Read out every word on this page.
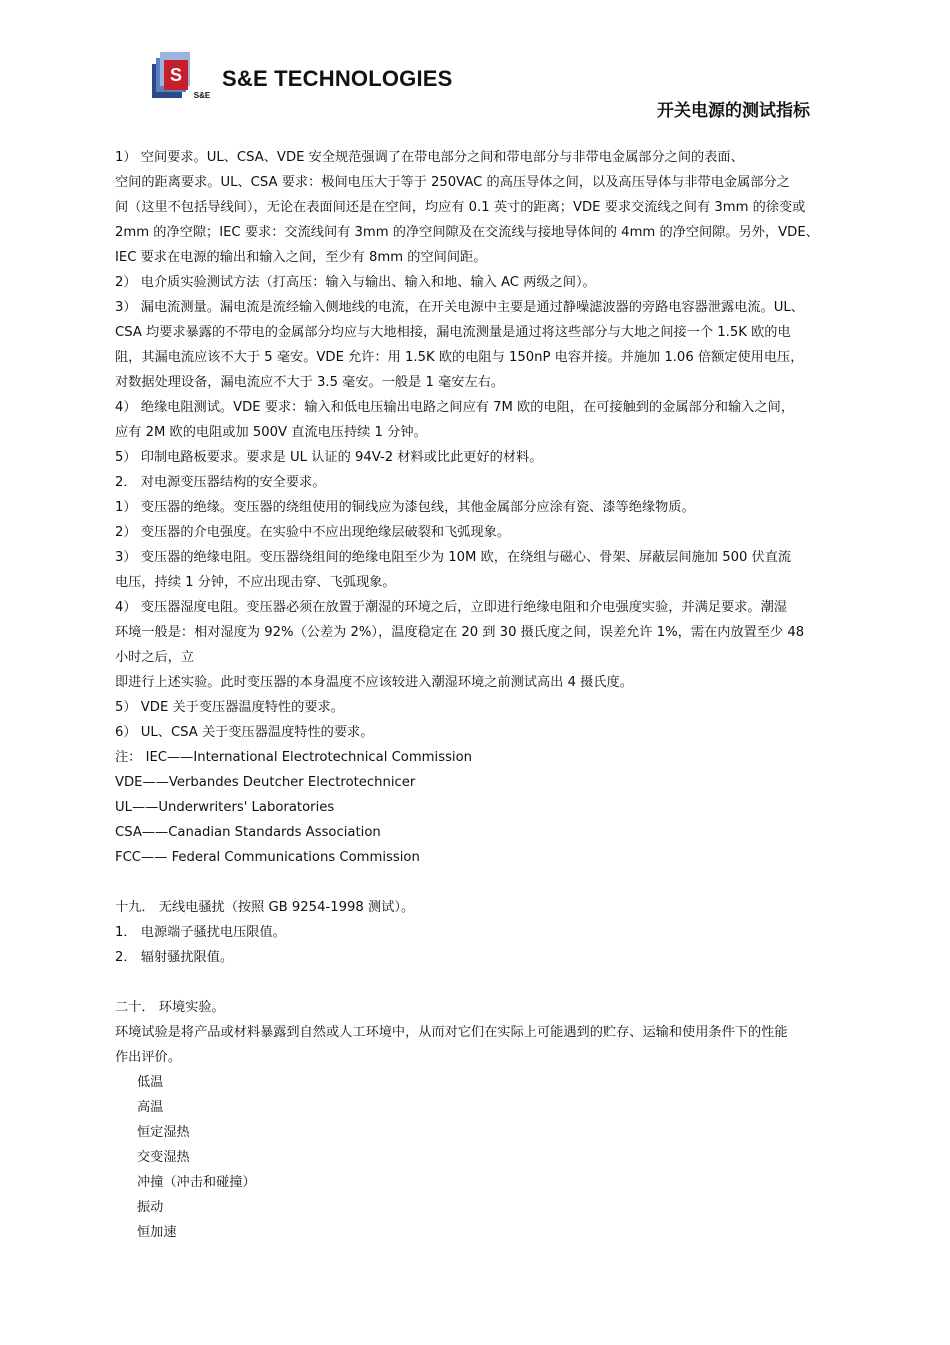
S
S&E
S&E TECHNOLOGIES
开关电源的测试指标

1） 空间要求。UL、CSA、VDE 安全规范强调了在带电部分之间和带电部分与非带电金属部分之间的表面、

空间的距离要求。UL、CSA 要求：极间电压大于等于 250VAC 的高压导体之间，以及高压导体与非带电金属部分之

间（这里不包括导线间），无论在表面间还是在空间，均应有 0.1 英寸的距离；VDE 要求交流线之间有 3mm 的徐变或

2mm 的净空隙；IEC 要求：交流线间有 3mm 的净空间隙及在交流线与接地导体间的 4mm 的净空间隙。另外，VDE、

IEC 要求在电源的输出和输入之间，至少有 8mm 的空间间距。

2） 电介质实验测试方法（打高压：输入与输出、输入和地、输入 AC 两级之间）。

3） 漏电流测量。漏电流是流经输入侧地线的电流，在开关电源中主要是通过静噪滤波器的旁路电容器泄露电流。UL、

CSA 均要求暴露的不带电的金属部分均应与大地相接，漏电流测量是通过将这些部分与大地之间接一个 1.5K 欧的电

阻，其漏电流应该不大于 5 毫安。VDE 允许：用 1.5K 欧的电阻与 150nP 电容并接。并施加 1.06 倍额定使用电压，

对数据处理设备，漏电流应不大于 3.5 毫安。一般是 1 毫安左右。

4） 绝缘电阻测试。VDE 要求：输入和低电压输出电路之间应有 7M 欧的电阻，在可接触到的金属部分和输入之间，

应有 2M 欧的电阻或加 500V 直流电压持续 1 分钟。

5） 印制电路板要求。要求是 UL 认证的 94V-2 材料或比此更好的材料。

2． 对电源变压器结构的安全要求。

1） 变压器的绝缘。变压器的绕组使用的铜线应为漆包线，其他金属部分应涂有瓷、漆等绝缘物质。

2） 变压器的介电强度。在实验中不应出现绝缘层破裂和飞弧现象。

3） 变压器的绝缘电阻。变压器绕组间的绝缘电阻至少为 10M 欧，在绕组与磁心、骨架、屏蔽层间施加 500 伏直流

电压，持续 1 分钟，不应出现击穿、飞弧现象。

4） 变压器湿度电阻。变压器必须在放置于潮湿的环境之后，立即进行绝缘电阻和介电强度实验，并满足要求。潮湿

环境一般是：相对湿度为 92%（公差为 2%），温度稳定在 20 到 30 摄氏度之间，误差允许 1%，需在内放置至少 48

小时之后，立

即进行上述实验。此时变压器的本身温度不应该较进入潮湿环境之前测试高出 4 摄氏度。

5） VDE 关于变压器温度特性的要求。

6） UL、CSA 关于变压器温度特性的要求。

注： IEC——International Electrotechnical Commission

VDE——Verbandes Deutcher Electrotechnicer

UL——Underwriters' Laboratories

CSA——Canadian Standards Association

FCC—— Federal Communications Commission

十九． 无线电骚扰（按照 GB 9254-1998 测试）。

1． 电源端子骚扰电压限值。

2． 辐射骚扰限值。

二十． 环境实验。

环境试验是将产品或材料暴露到自然或人工环境中，从而对它们在实际上可能遇到的贮存、运输和使用条件下的性能

作出评价。

低温

高温

恒定湿热

交变湿热

冲撞（冲击和碰撞）

振动

恒加速
